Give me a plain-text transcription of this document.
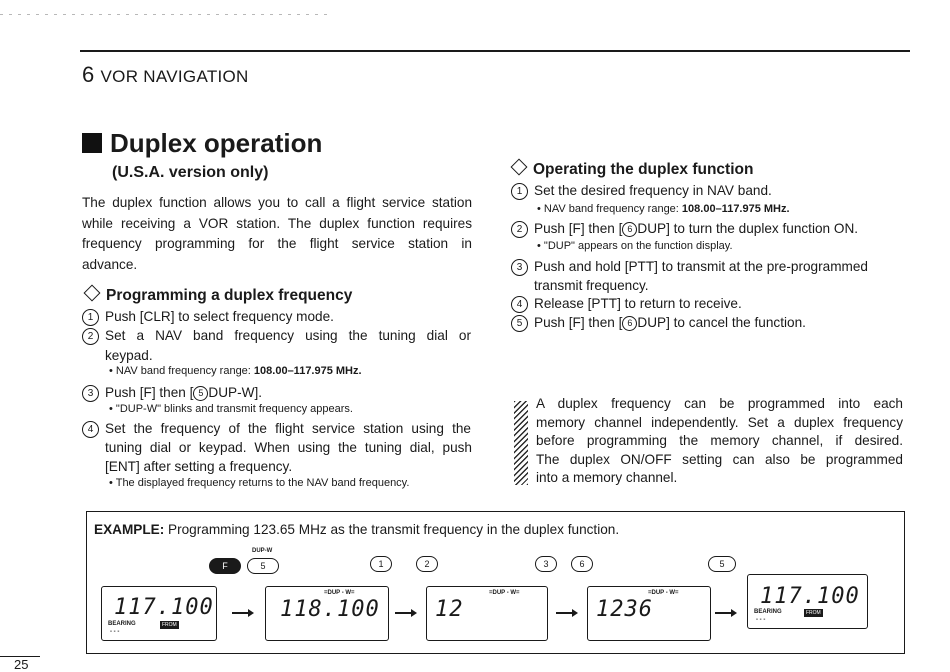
6 VOR NAVIGATION
Duplex operation
(U.S.A. version only)
The duplex function allows you to call a flight service station
while receiving a VOR station. The duplex function requires
frequency programming for the flight service station in
advance.
Programming a duplex frequency
1 Push [CLR] to select frequency mode.
2 Set a NAV band frequency using the tuning dial or
keypad.
• NAV band frequency range: 108.00–117.975 MHz.
3 Push [F] then [ 5 DUP-W].
• "DUP-W" blinks and transmit frequency appears.
4 Set the frequency of the flight service station using the
tuning dial or keypad. When using the tuning dial, push
[ENT] after setting a frequency.
• The displayed frequency returns to the NAV band frequency.
Operating the duplex function
1 Set the desired frequency in NAV band.
• NAV band frequency range: 108.00–117.975 MHz.
2 Push [F] then [ 6 DUP] to turn the duplex function ON.
• "DUP" appears on the function display.
3 Push and hold [PTT] to transmit at the pre-programmed
transmit frequency.
4 Release [PTT] to return to receive.
5 Push [F] then [ 6 DUP] to cancel the function.
A duplex frequency can be programmed into each
memory channel independently. Set a duplex frequency
before programming the memory channel, if desired.
The duplex ON/OFF setting can also be programmed
into a memory channel.
EXAMPLE: Programming 123.65 MHz as the transmit frequency in the duplex function.
F
DUP-W
5	1	2	3	6	5
117.100
BEARING
- - -
FROM
=DUP - W=
118.100
=DUP - W=
12
=DUP - W=
1236
117.100
BEARING
- - -
FROM
25
